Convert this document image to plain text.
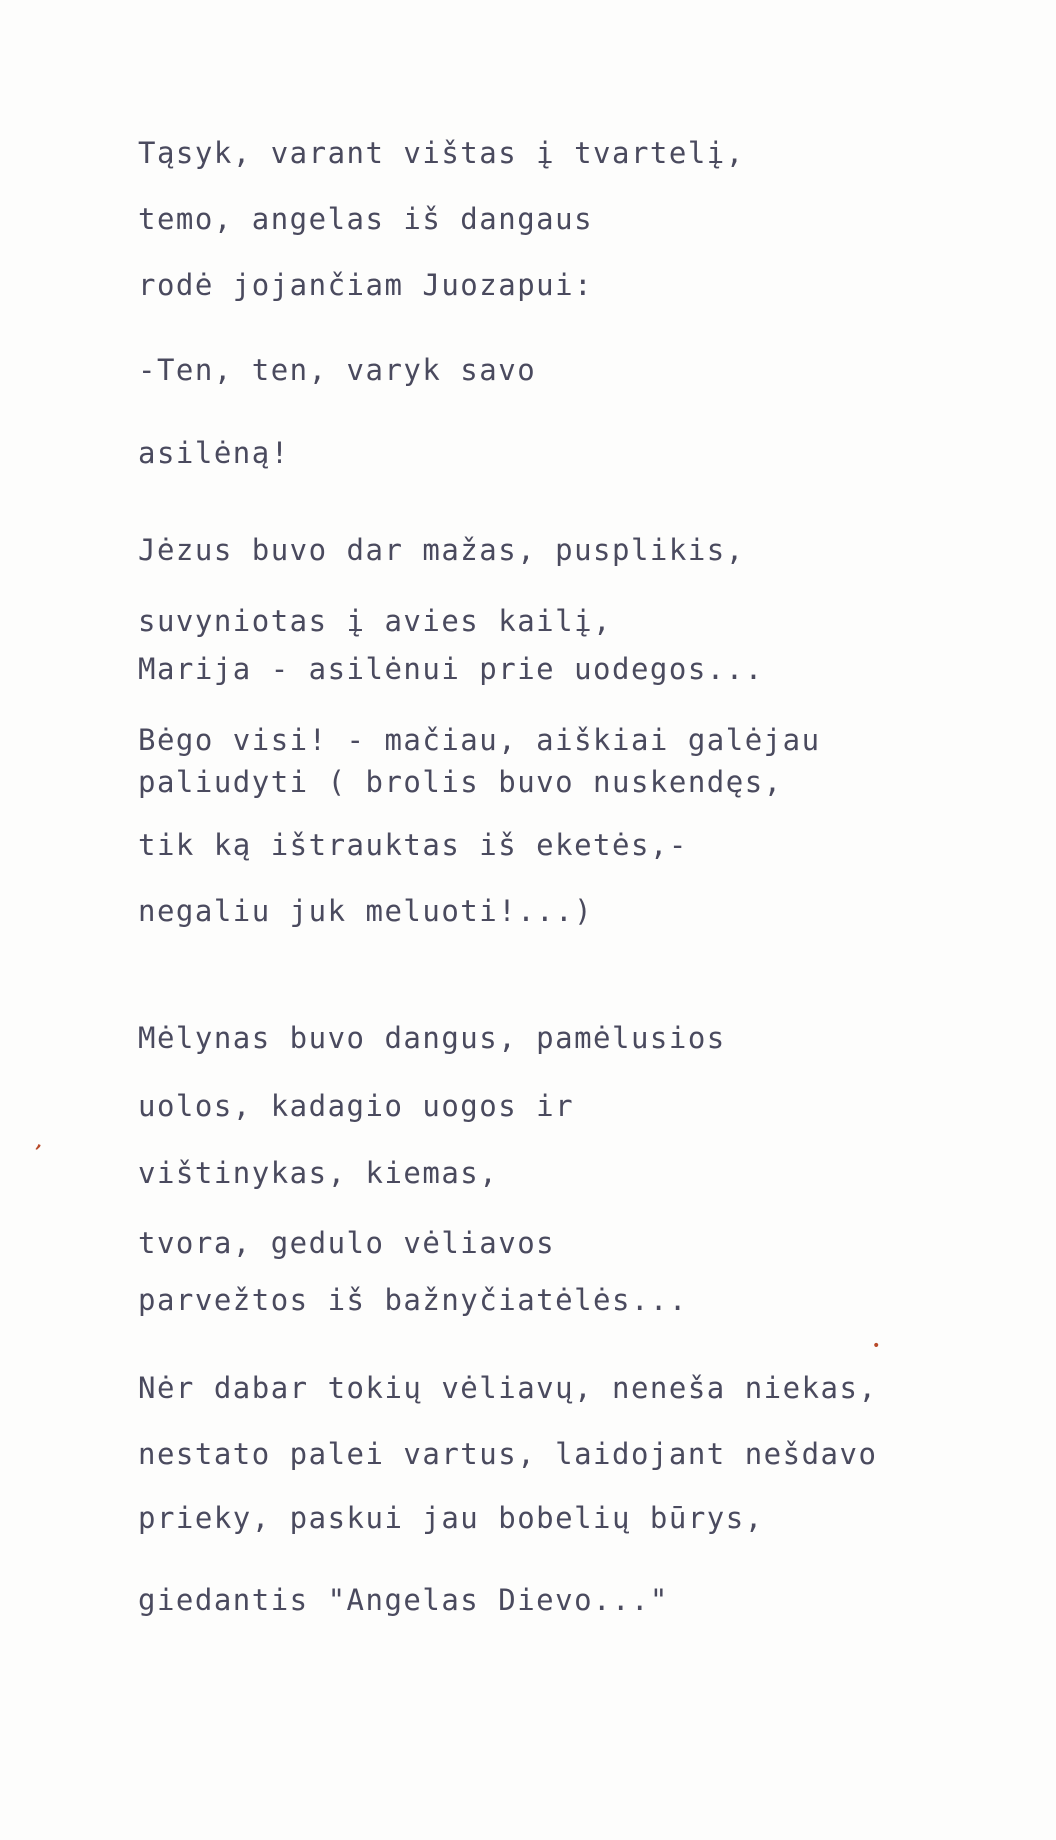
Tąsyk, varant vištas į tvartelį,

temo, angelas iš dangaus

rodė jojančiam Juozapui:

-Ten, ten, varyk savo

asilėną!

Jėzus buvo dar mažas, pusplikis,

suvyniotas į avies kailį,

Marija - asilėnui prie uodegos...

Bėgo visi! - mačiau, aiškiai galėjau

paliudyti ( brolis buvo nuskendęs,

tik ką ištrauktas iš eketės,-

negaliu juk meluoti!...)

Mėlynas buvo dangus, pamėlusios

uolos, kadagio uogos ir

vištinykas, kiemas,

tvora, gedulo vėliavos

parvežtos iš bažnyčiatėlės...

Nėr dabar tokių vėliavų, neneša niekas,

nestato palei vartus, laidojant nešdavo

prieky, paskui jau bobelių būrys,

giedantis "Angelas Dievo..."

’
•
